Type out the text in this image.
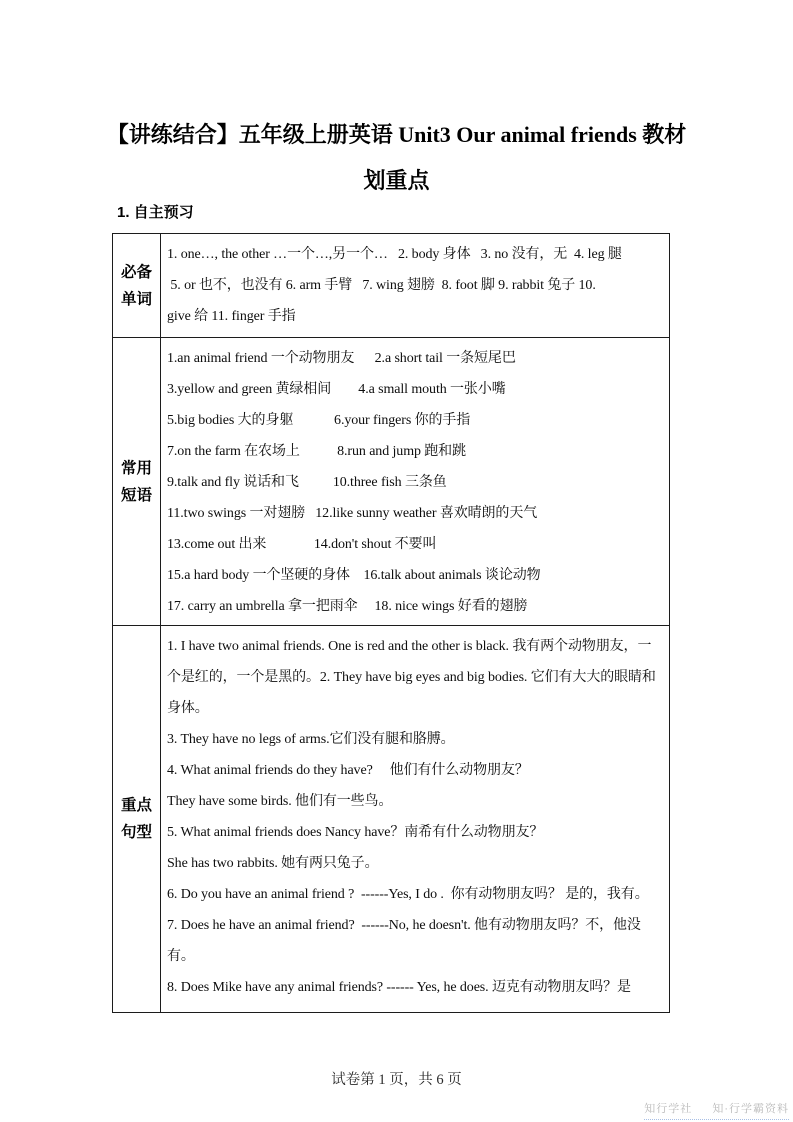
【讲练结合】五年级上册英语 Unit3 Our animal friends 教材
划重点
1. 自主预习
必备
单词

1. one…, the other …一个…,另一个…   2. body 身体   3. no 没有，无  4. leg 腿
5. or 也不，也没有 6. arm 手臂   7. wing 翅膀  8. foot 脚 9. rabbit 兔子 10.
give 给 11. finger 手指

常用
短语

1.an animal friend 一个动物朋友      2.a short tail 一条短尾巴
3.yellow and green 黄绿相间        4.a small mouth 一张小嘴
5.big bodies 大的身躯            6.your fingers 你的手指
7.on the farm 在农场上           8.run and jump 跑和跳
9.talk and fly 说话和飞          10.three fish 三条鱼
11.two swings 一对翅膀   12.like sunny weather 喜欢晴朗的天气
13.come out 出来              14.don't shout 不要叫
15.a hard body 一个坚硬的身体    16.talk about animals 谈论动物
17. carry an umbrella 拿一把雨伞     18. nice wings 好看的翅膀

重点
句型

1. I have two animal friends. One is red and the other is black. 我有两个动物朋友，一
个是红的，一个是黑的。2. They have big eyes and big bodies. 它们有大大的眼睛和
身体。
3. They have no legs of arms.它们没有腿和胳膊。
4. What animal friends do they have?     他们有什么动物朋友？
They have some birds. 他们有一些鸟。
5. What animal friends does Nancy have？南希有什么动物朋友？
She has two rabbits. 她有两只兔子。
6. Do you have an animal friend ?  ------Yes, I do .  你有动物朋友吗？ 是的，我有。
7. Does he have an animal friend?  ------No, he doesn't. 他有动物朋友吗？不，他没
有。
8. Does Mike have any animal friends? ------ Yes, he does. 迈克有动物朋友吗？是
试卷第 1 页，共 6 页
知行学社 知·行学霸资料
